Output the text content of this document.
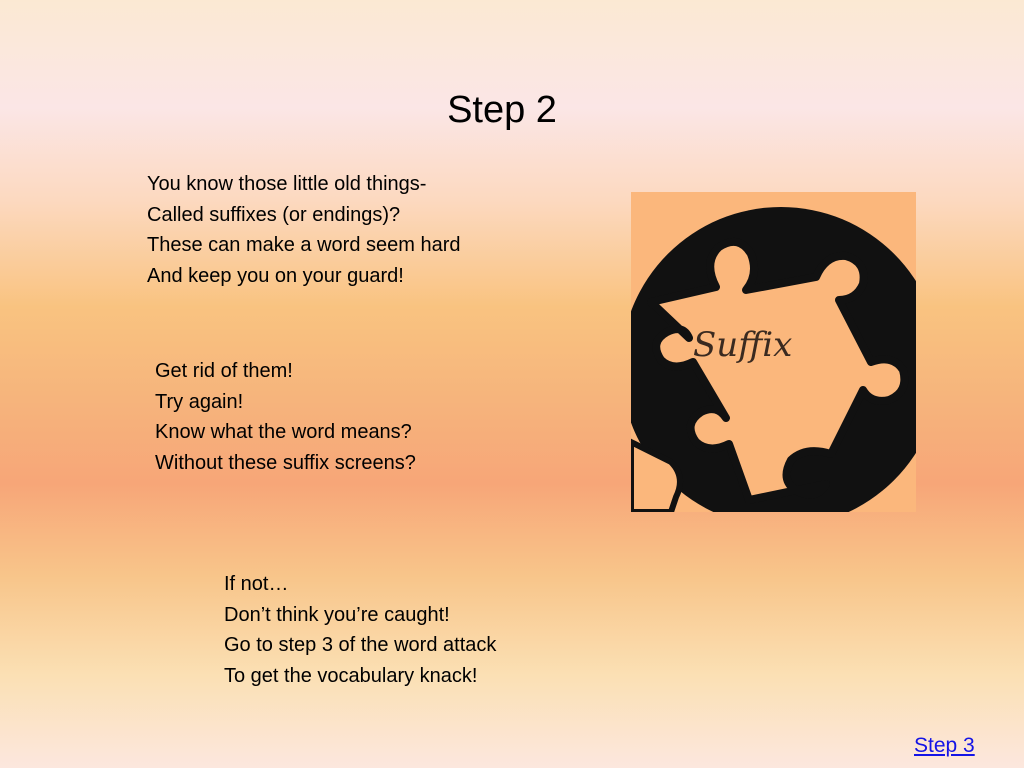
Step 2

You know those little old things-
Called suffixes (or endings)?
These can make a word seem hard
And keep you on your guard!

Get rid of them!
Try again!
Know what the word means?
Without these suffix screens?

If not…
Don’t think you’re caught!
Go to step 3 of the word attack
To get the vocabulary knack!

Suffix
Step 3
